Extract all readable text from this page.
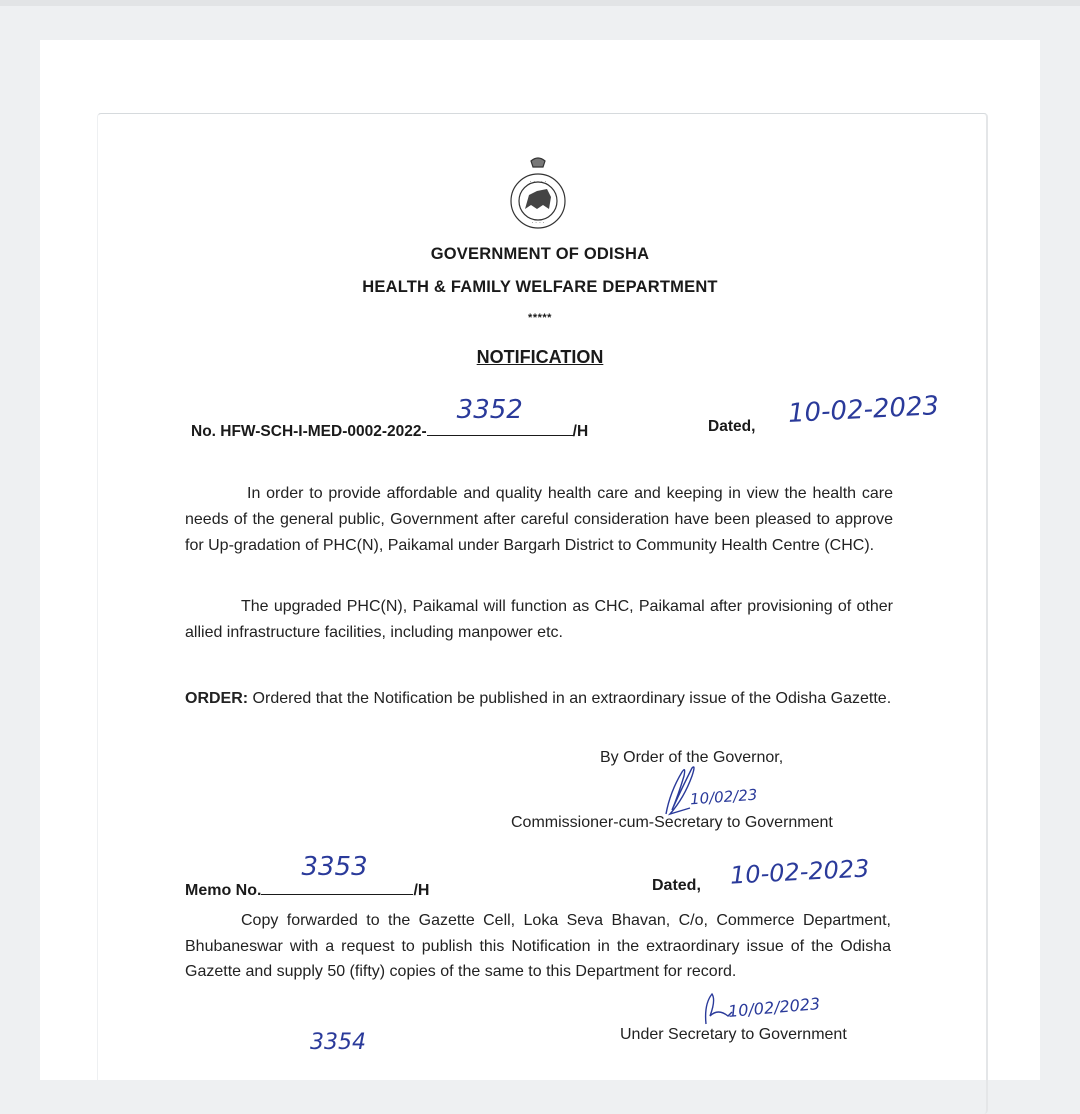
· · · · ·
· · · ·
GOVERNMENT OF ODISHA
HEALTH & FAMILY WELFARE DEPARTMENT
*****
NOTIFICATION
No. HFW-SCH-I-MED-0002-2022-
3352
/H	Dated, 10-02-2023
In order to provide affordable and quality health care and keeping in view the health care needs of the general public, Government after careful consideration have been pleased to approve for Up-gradation of PHC(N), Paikamal under Bargarh District to Community Health Centre (CHC).
The upgraded PHC(N), Paikamal will function as CHC, Paikamal after provisioning of other allied infrastructure facilities, including manpower etc.
ORDER: Ordered that the Notification be published in an extraordinary issue of the Odisha Gazette.
By Order of the Governor,
10/02/23
Commissioner-cum-Secretary to Government
Memo No.
3353
/H	Dated, 10-02-2023
Copy forwarded to the Gazette Cell, Loka Seva Bhavan, C/o, Commerce Department, Bhubaneswar with a request to publish this Notification in the extraordinary issue of the Odisha Gazette and supply 50 (fifty) copies of the same to this Department for record.
10/02/2023
Under Secretary to Government
3354
